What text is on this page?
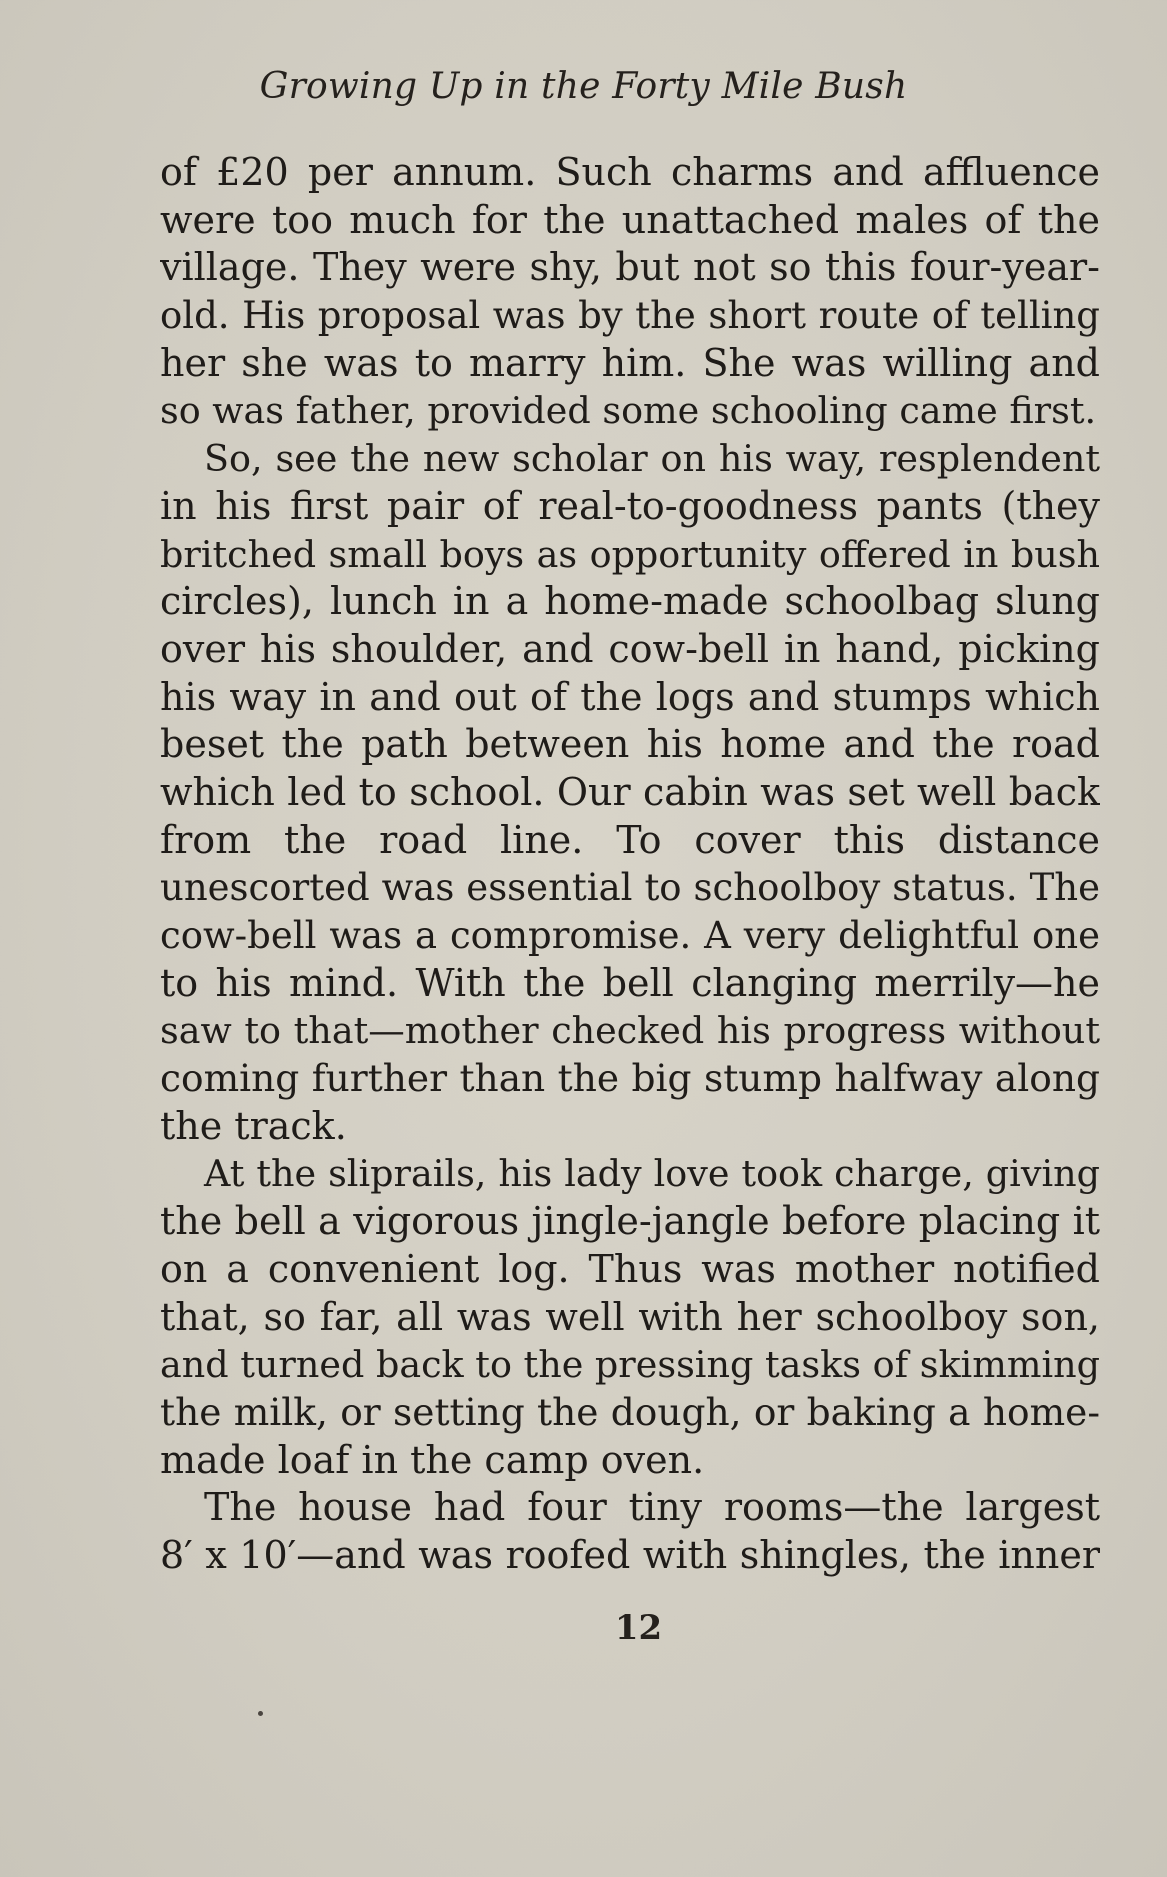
Growing Up in the Forty Mile Bush
of £20 per annum. Such charms and affluence
were too much for the unattached males of the
village. They were shy, but not so this four-year-
old. His proposal was by the short route of telling
her she was to marry him. She was willing and
so was father, provided some schooling came first.
So, see the new scholar on his way, resplendent
in his first pair of real-to-goodness pants (they
britched small boys as opportunity offered in bush
circles), lunch in a home-made schoolbag slung
over his shoulder, and cow-bell in hand, picking
his way in and out of the logs and stumps which
beset the path between his home and the road
which led to school. Our cabin was set well back
from the road line. To cover this distance
unescorted was essential to schoolboy status. The
cow-bell was a compromise. A very delightful one
to his mind. With the bell clanging merrily—he
saw to that—mother checked his progress without
coming further than the big stump halfway along
the track.
At the sliprails, his lady love took charge, giving
the bell a vigorous jingle-jangle before placing it
on a convenient log. Thus was mother notified
that, so far, all was well with her schoolboy son,
and turned back to the pressing tasks of skimming
the milk, or setting the dough, or baking a home-
made loaf in the camp oven.
The house had four tiny rooms—the largest
8′ x 10′—and was roofed with shingles, the inner
12
